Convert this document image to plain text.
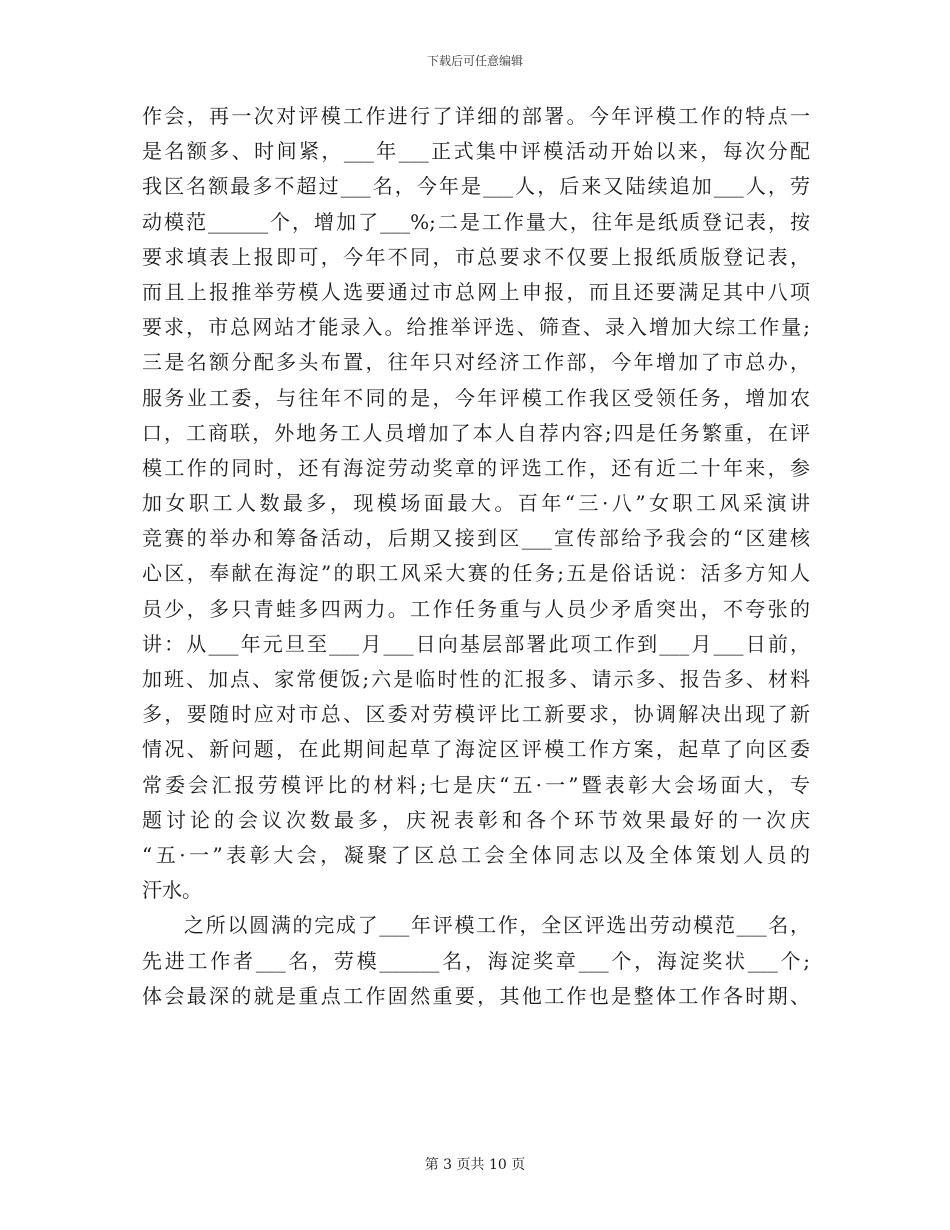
下载后可任意编辑
作会，再一次对评模工作进行了详细的部署。今年评模工作的特点一
是名额多、时间紧，___年___正式集中评模活动开始以来，每次分配
我区名额最多不超过___名，今年是___人，后来又陆续追加___人，劳
动模范______个，增加了___%;二是工作量大，往年是纸质登记表，按
要求填表上报即可，今年不同，市总要求不仅要上报纸质版登记表，
而且上报推举劳模人选要通过市总网上申报，而且还要满足其中八项
要求，市总网站才能录入。给推举评选、筛查、录入增加大综工作量;
三是名额分配多头布置，往年只对经济工作部，今年增加了市总办，
服务业工委，与往年不同的是，今年评模工作我区受领任务，增加农
口，工商联，外地务工人员增加了本人自荐内容;四是任务繁重，在评
模工作的同时，还有海淀劳动奖章的评选工作，还有近二十年来，参
加女职工人数最多，现模场面最大。百年“三·八”女职工风采演讲
竞赛的举办和筹备活动，后期又接到区___宣传部给予我会的“区建核
心区，奉献在海淀”的职工风采大赛的任务;五是俗话说：活多方知人
员少，多只青蛙多四两力。工作任务重与人员少矛盾突出，不夸张的
讲：从___年元旦至___月___日向基层部署此项工作到___月___日前，
加班、加点、家常便饭;六是临时性的汇报多、请示多、报告多、材料
多，要随时应对市总、区委对劳模评比工新要求，协调解决出现了新
情况、新问题，在此期间起草了海淀区评模工作方案，起草了向区委
常委会汇报劳模评比的材料;七是庆“五·一”暨表彰大会场面大，专
题讨论的会议次数最多，庆祝表彰和各个环节效果最好的一次庆
“五·一”表彰大会，凝聚了区总工会全体同志以及全体策划人员的
汗水。
之所以圆满的完成了___年评模工作，全区评选出劳动模范___名，
先进工作者___名，劳模______名，海淀奖章___个，海淀奖状___个;
体会最深的就是重点工作固然重要，其他工作也是整体工作各时期、
第 3 页共 10 页
